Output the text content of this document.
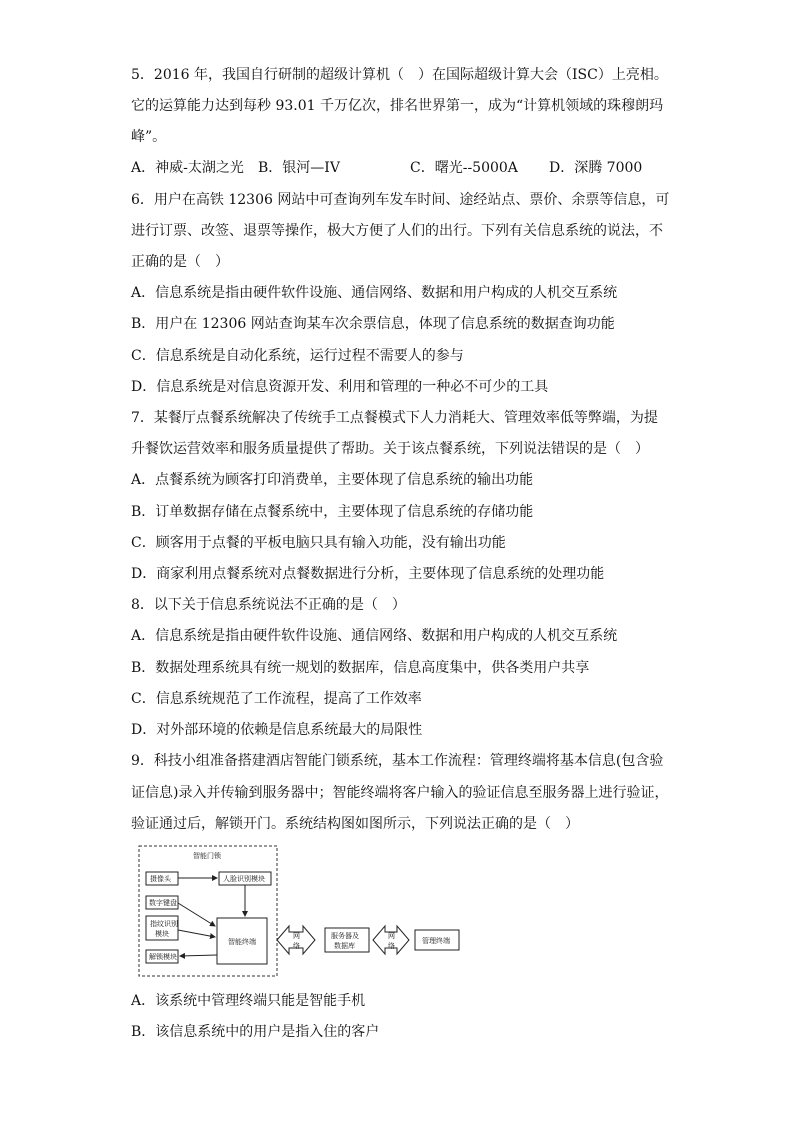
5．2016 年，我国自行研制的超级计算机（　）在国际超级计算大会（ISC）上亮相。
它的运算能力达到每秒 93.01 千万亿次，排名世界第一，成为“计算机领域的珠穆朗玛
峰”。
A．神威-太湖之光 B．银河—IV	C．曙光--5000A D．深腾 7000
6．用户在高铁 12306 网站中可查询列车发车时间、途经站点、票价、余票等信息，可
进行订票、改签、退票等操作，极大方便了人们的出行。下列有关信息系统的说法，不
正确的是（　）
A．信息系统是指由硬件软件设施、通信网络、数据和用户构成的人机交互系统
B．用户在 12306 网站查询某车次余票信息，体现了信息系统的数据查询功能
C．信息系统是自动化系统，运行过程不需要人的参与
D．信息系统是对信息资源开发、利用和管理的一种必不可少的工具
7．某餐厅点餐系统解决了传统手工点餐模式下人力消耗大、管理效率低等弊端，为提
升餐饮运营效率和服务质量提供了帮助。关于该点餐系统，下列说法错误的是（　）
A．点餐系统为顾客打印消费单，主要体现了信息系统的输出功能
B．订单数据存储在点餐系统中，主要体现了信息系统的存储功能
C．顾客用于点餐的平板电脑只具有输入功能，没有输出功能
D．商家利用点餐系统对点餐数据进行分析，主要体现了信息系统的处理功能
8．以下关于信息系统说法不正确的是（　）
A．信息系统是指由硬件软件设施、通信网络、数据和用户构成的人机交互系统
B．数据处理系统具有统一规划的数据库，信息高度集中，供各类用户共享
C．信息系统规范了工作流程，提高了工作效率
D．对外部环境的依赖是信息系统最大的局限性
9．科技小组准备搭建酒店智能门锁系统，基本工作流程：管理终端将基本信息(包含验
证信息)录入并传输到服务器中；智能终端将客户输入的验证信息至服务器上进行验证，
验证通过后，解锁开门。系统结构图如图所示，下列说法正确的是（　）
智能门锁
摄像头	人脸识别模块
数字键盘
指纹识别
模块
解锁模块
智能终端
网
络
服务器及
数据库
网
络
管理终端
A．该系统中管理终端只能是智能手机
B．该信息系统中的用户是指入住的客户
